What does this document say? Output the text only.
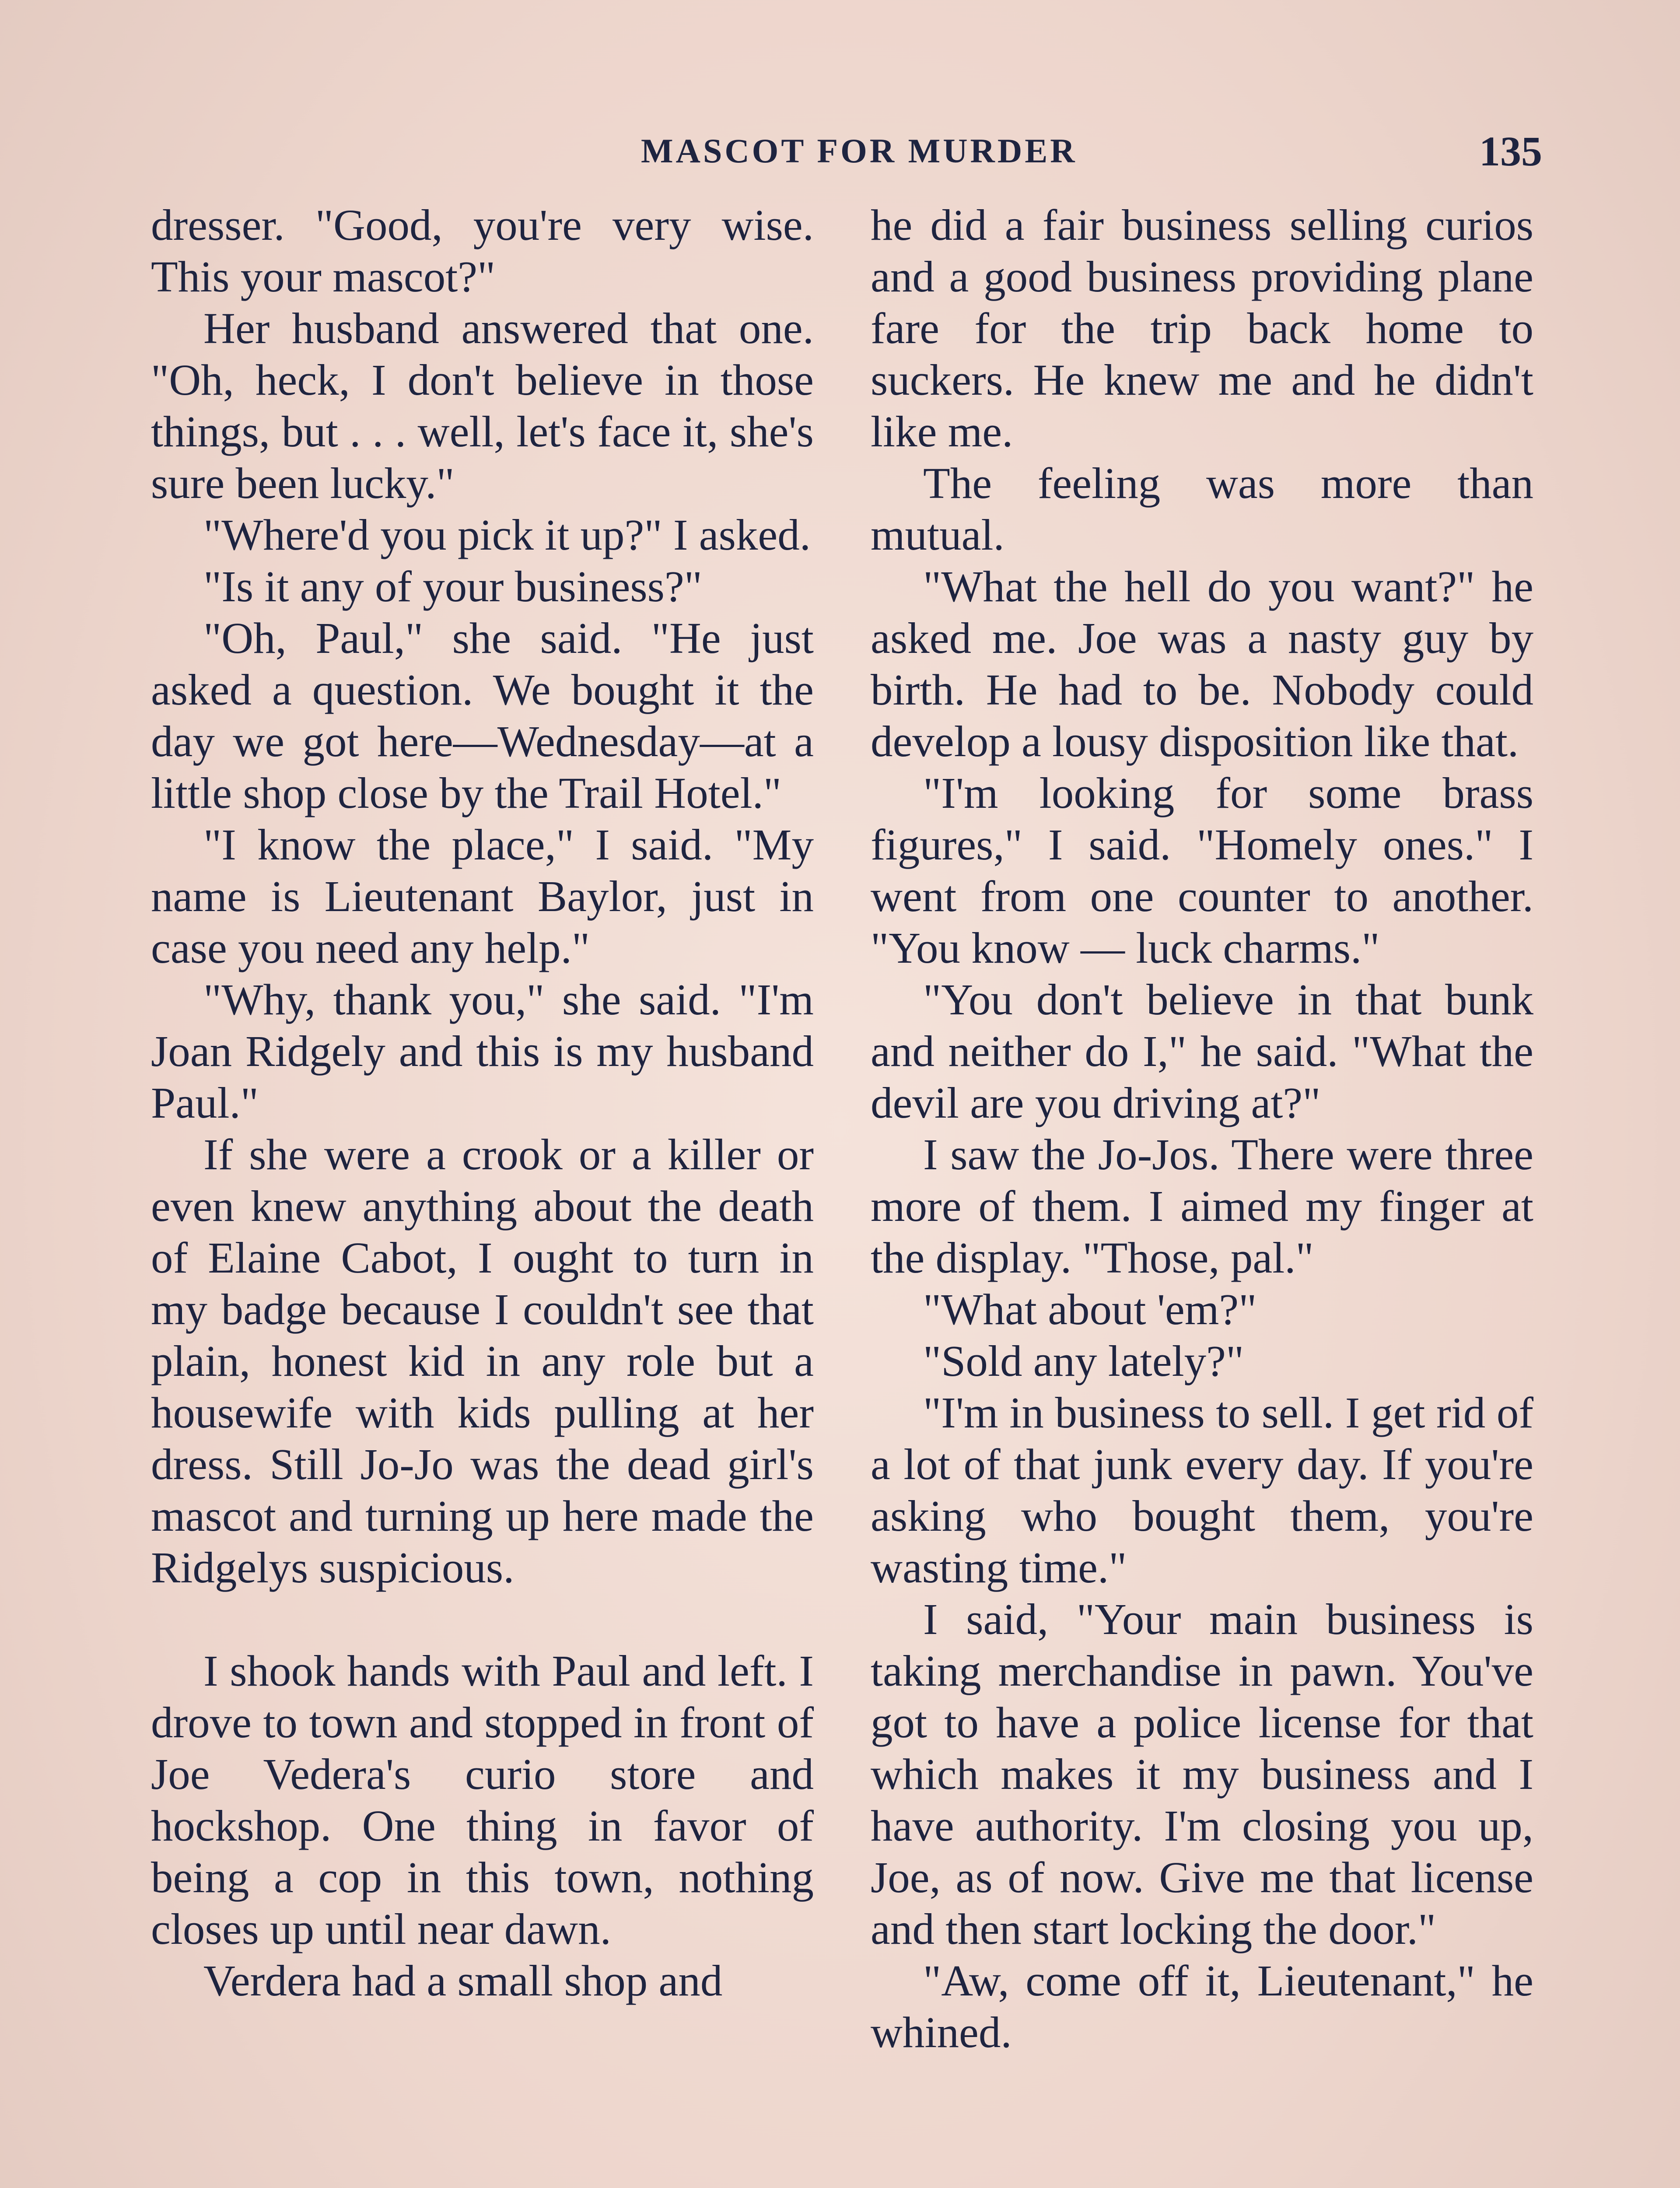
MASCOT FOR MURDER	135

dresser. "Good, you're very wise. This your mascot?"

Her husband answered that one. "Oh, heck, I don't believe in those things, but . . . well, let's face it, she's sure been lucky."

"Where'd you pick it up?" I asked.

"Is it any of your business?"

"Oh, Paul," she said. "He just asked a question. We bought it the day we got here—Wednesday—at a little shop close by the Trail Hotel."

"I know the place," I said. "My name is Lieutenant Baylor, just in case you need any help."

"Why, thank you," she said. "I'm Joan Ridgely and this is my husband Paul."

If she were a crook or a killer or even knew anything about the death of Elaine Cabot, I ought to turn in my badge because I couldn't see that plain, honest kid in any role but a housewife with kids pulling at her dress. Still Jo-Jo was the dead girl's mascot and turning up here made the Ridgelys suspicious.

I shook hands with Paul and left. I drove to town and stopped in front of Joe Vedera's curio store and hockshop. One thing in favor of being a cop in this town, nothing closes up until near dawn.

Verdera had a small shop and

he did a fair business selling curios and a good business providing plane fare for the trip back home to suckers. He knew me and he didn't like me.

The feeling was more than mutual.

"What the hell do you want?" he asked me. Joe was a nasty guy by birth. He had to be. Nobody could develop a lousy disposition like that.

"I'm looking for some brass figures," I said. "Homely ones." I went from one counter to another. "You know — luck charms."

"You don't believe in that bunk and neither do I," he said. "What the devil are you driving at?"

I saw the Jo-Jos. There were three more of them. I aimed my finger at the display. "Those, pal."

"What about 'em?"

"Sold any lately?"

"I'm in business to sell. I get rid of a lot of that junk every day. If you're asking who bought them, you're wasting time."

I said, "Your main business is taking merchandise in pawn. You've got to have a police license for that which makes it my business and I have authority. I'm closing you up, Joe, as of now. Give me that license and then start locking the door."

"Aw, come off it, Lieutenant," he whined.
